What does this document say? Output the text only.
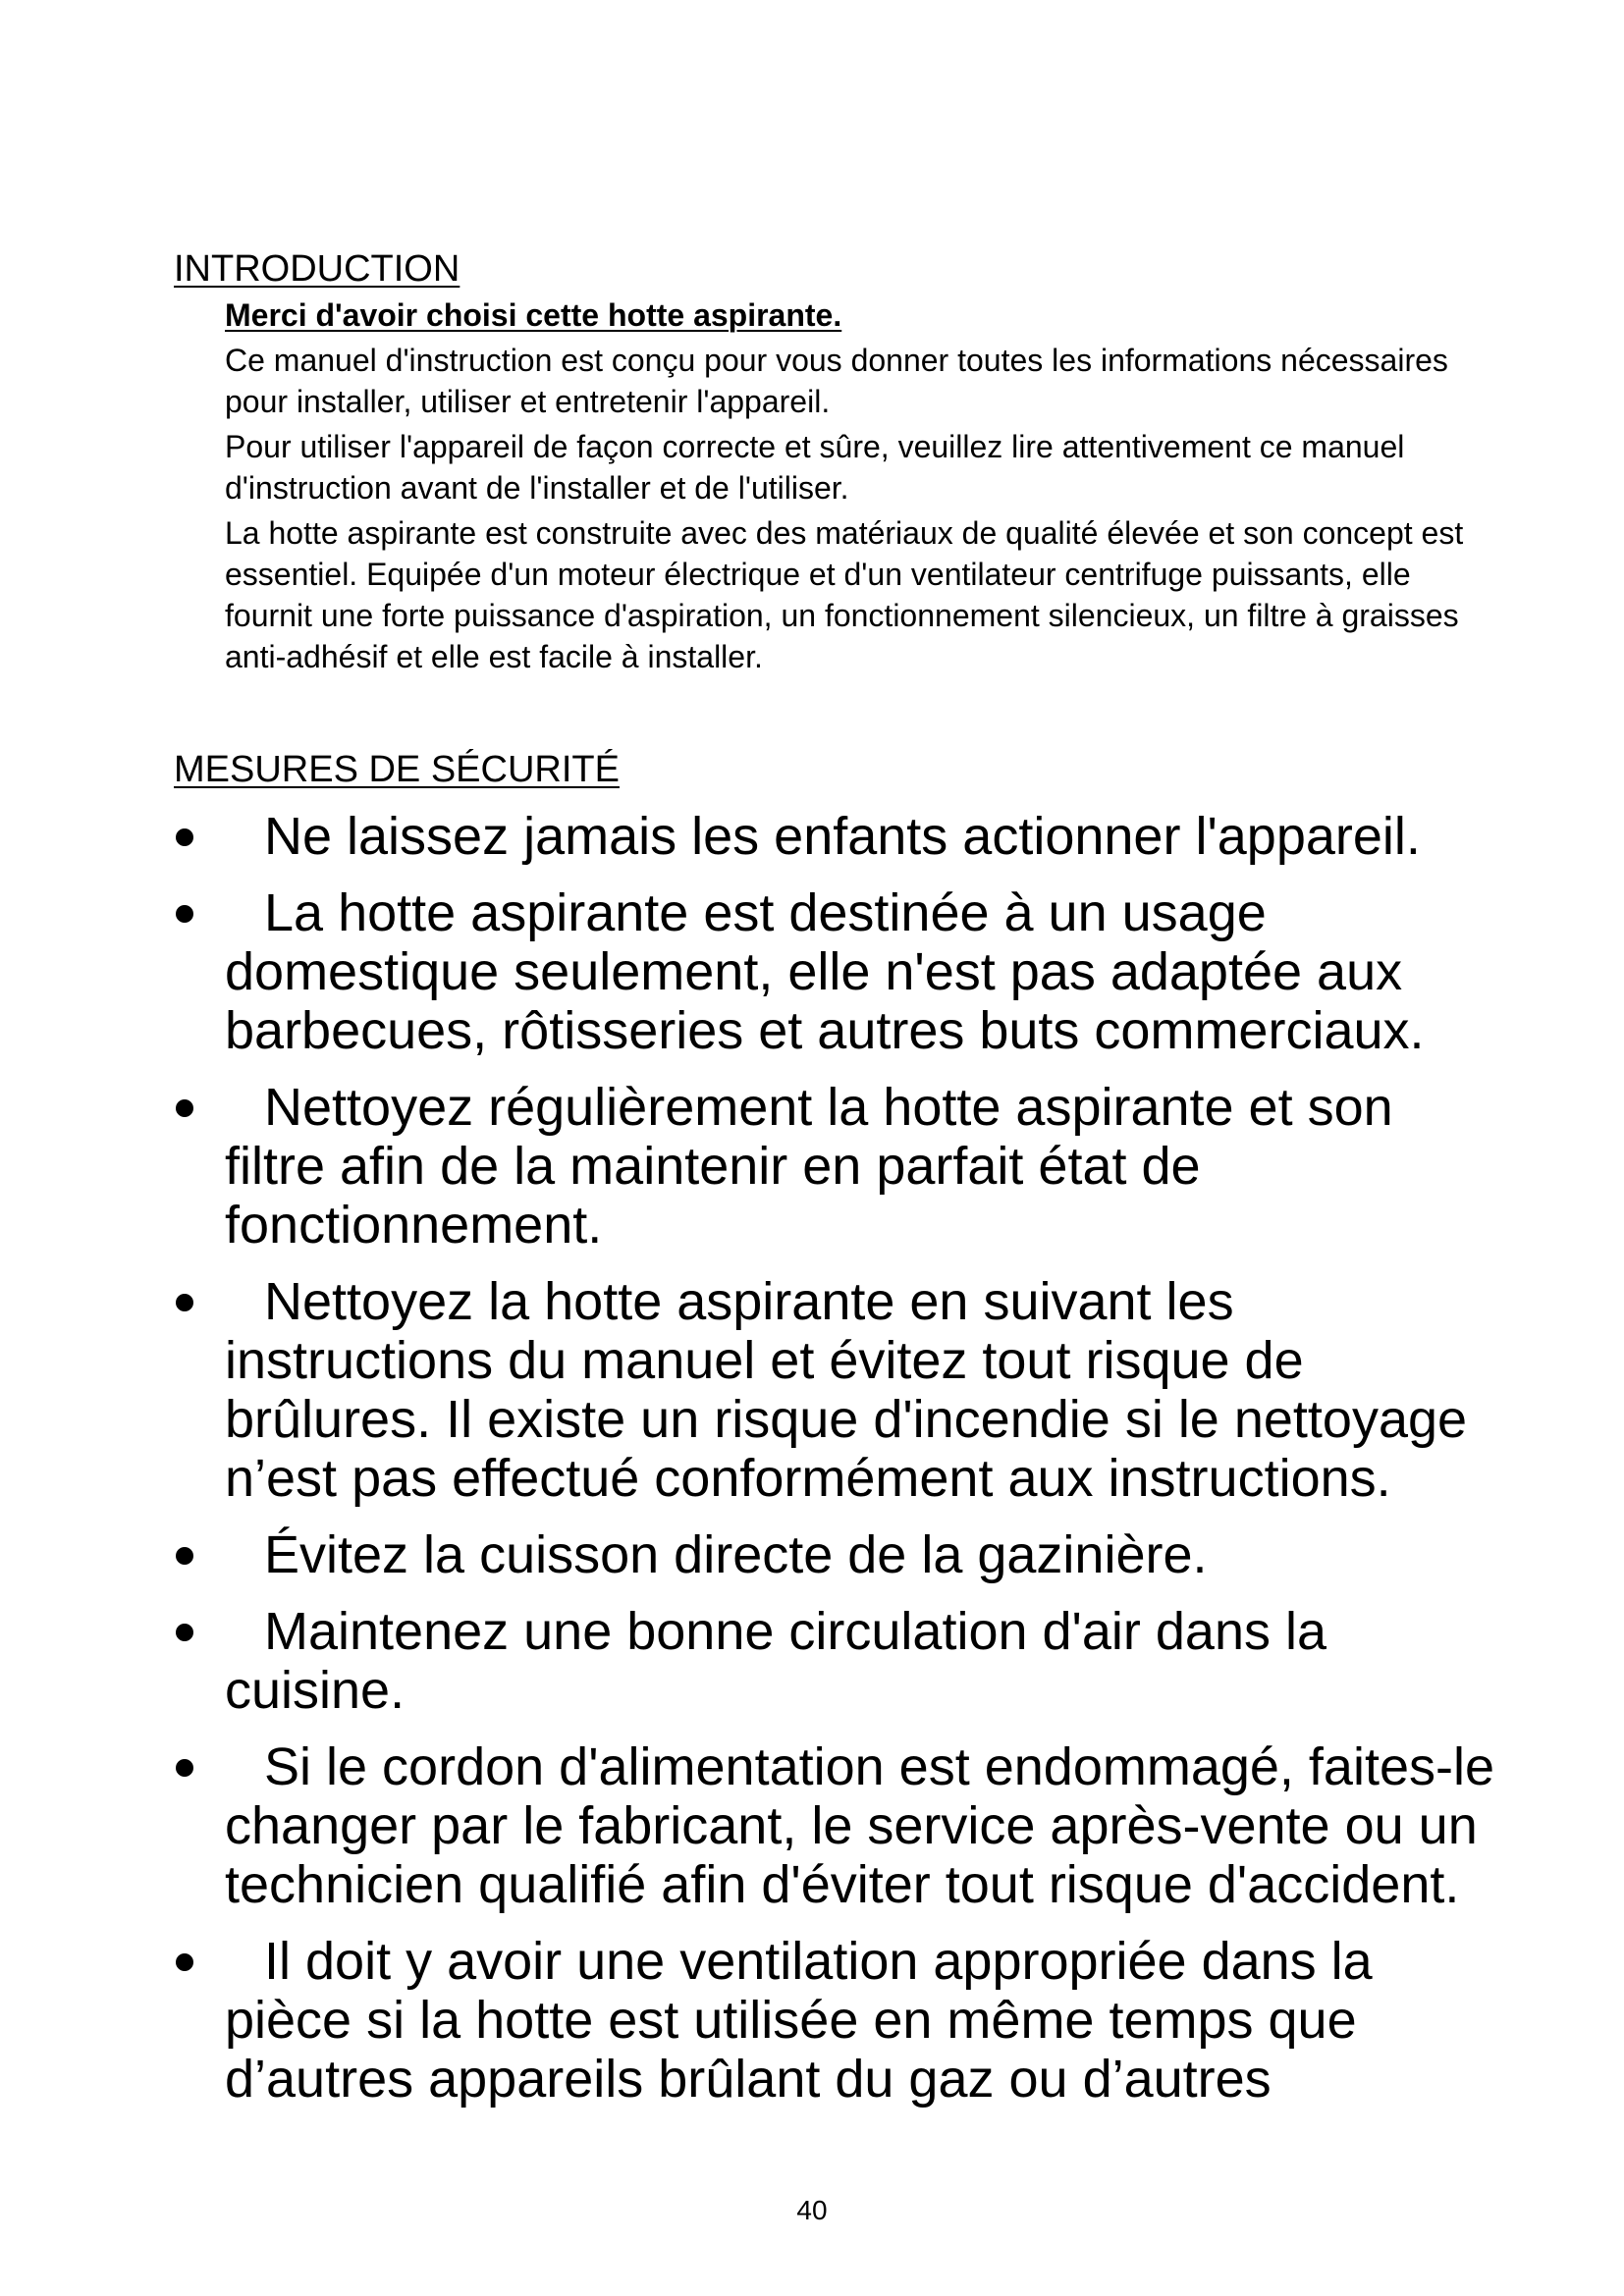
INTRODUCTION

Merci d'avoir choisi cette hotte aspirante.

Ce manuel d'instruction est conçu pour vous donner toutes les informations nécessaires pour installer, utiliser et entretenir l'appareil.

Pour utiliser l'appareil de façon correcte et sûre, veuillez lire attentivement ce manuel d'instruction avant de l'installer et de l'utiliser.

La hotte aspirante est construite avec des matériaux de qualité élevée et son concept est essentiel. Equipée d'un moteur électrique et d'un ventilateur centrifuge puissants, elle fournit une forte puissance d'aspiration, un fonctionnement silencieux, un filtre à graisses anti-adhésif et elle est facile à installer.

MESURES DE SÉCURITÉ
Ne laissez jamais les enfants actionner l'appareil.
La hotte aspirante est destinée à un usage domestique seulement, elle n'est pas adaptée aux barbecues, rôtisseries et autres buts commerciaux.
Nettoyez régulièrement la hotte aspirante et son filtre afin de la maintenir en parfait état de fonctionnement.
Nettoyez la hotte aspirante en suivant les instructions du manuel et évitez tout risque de brûlures. Il existe un risque d'incendie si le nettoyage n’est pas effectué conformément aux instructions.
Évitez la cuisson directe de la gazinière.
Maintenez une bonne circulation d'air dans la cuisine.
Si le cordon d'alimentation est endommagé, faites-le changer par le fabricant, le service après-vente ou un technicien qualifié afin d'éviter tout risque d'accident.
Il doit y avoir une ventilation appropriée dans la pièce si la hotte est utilisée en même temps que d’autres appareils brûlant du gaz ou d’autres
40
